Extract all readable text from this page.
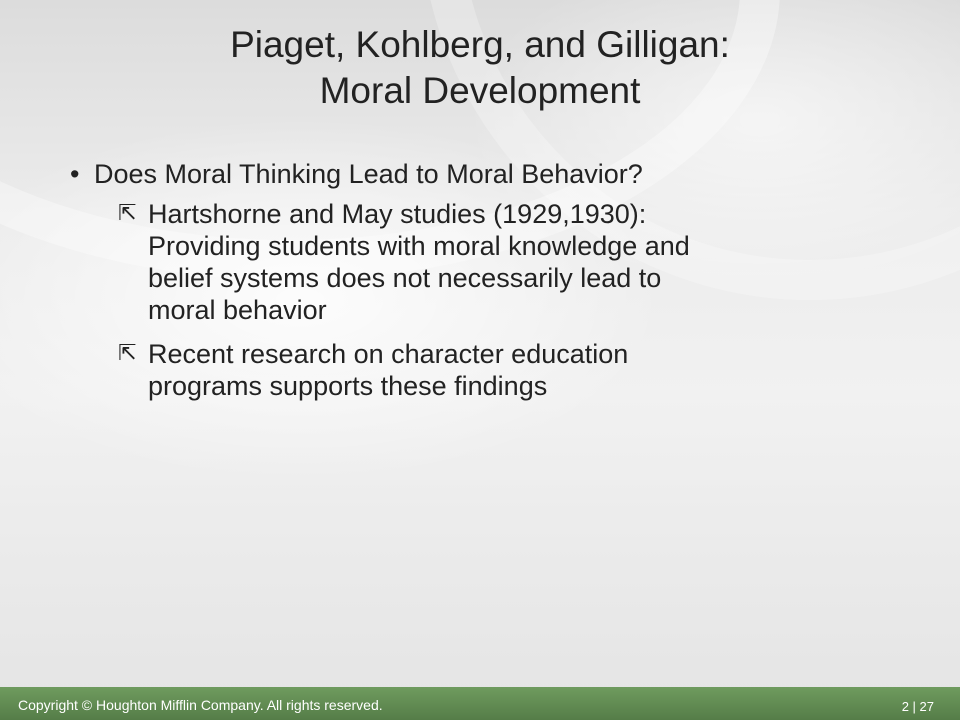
Piaget, Kohlberg, and Gilligan:
Moral Development
• Does Moral Thinking Lead to Moral Behavior?
⇱ Hartshorne and May studies (1929,1930):
Providing students with moral knowledge and
belief systems does not necessarily lead to
moral behavior
⇱ Recent research on character education
programs supports these findings
Copyright © Houghton Mifflin Company. All rights reserved.	2 | 27
